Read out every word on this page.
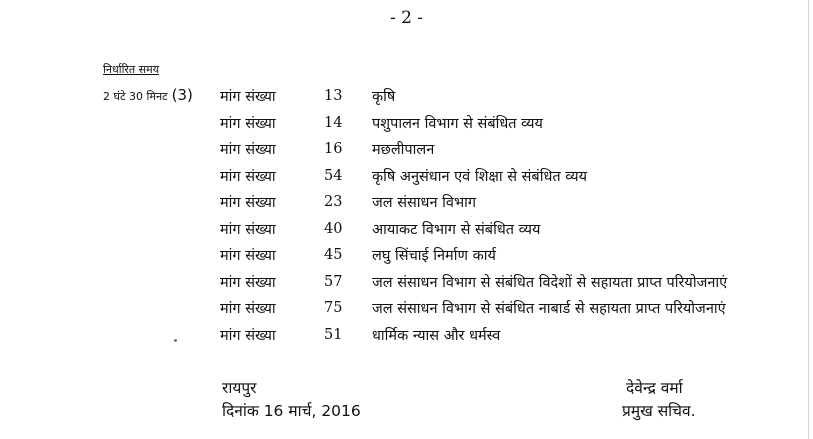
- 2 -
निर्धारित समय
2 घंटे 30 मिनट (3) मांग संख्या	13	कृषि
मांग संख्या	14	पशुपालन विभाग से संबंधित व्यय
मांग संख्या	16	मछलीपालन
मांग संख्या	54	कृषि अनुसंधान एवं शिक्षा से संबंधित व्यय
मांग संख्या	23	जल संसाधन विभाग
मांग संख्या	40	आयाकट विभाग से संबंधित व्यय
मांग संख्या	45	लघु सिंचाई निर्माण कार्य
मांग संख्या	57	जल संसाधन विभाग से संबंधित विदेशों से सहायता प्राप्त परियोजनाएं
मांग संख्या	75	जल संसाधन विभाग से संबंधित नाबार्ड से सहायता प्राप्त परियोजनाएं
मांग संख्या	51	धार्मिक न्यास और धर्मस्व
रायपुर
दिनांक 16 मार्च, 2016
देवेन्द्र वर्मा
प्रमुख सचिव.
